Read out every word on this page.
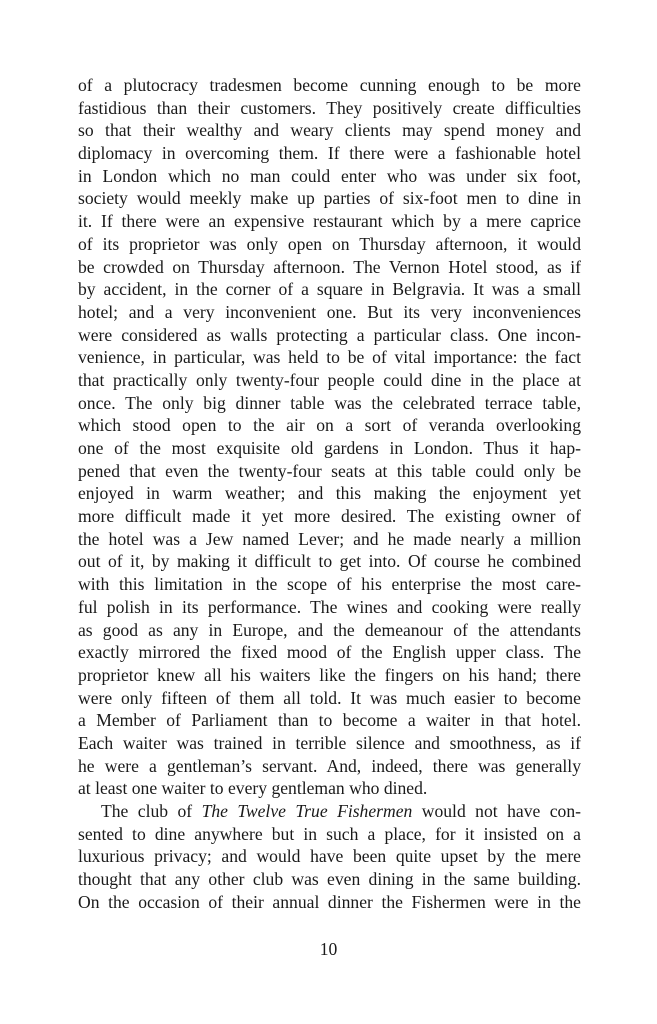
of a plutocracy tradesmen become cunning enough to be more
fastidious than their customers. They positively create difficulties
so that their wealthy and weary clients may spend money and
diplomacy in overcoming them. If there were a fashionable hotel
in London which no man could enter who was under six foot,
society would meekly make up parties of six-foot men to dine in
it. If there were an expensive restaurant which by a mere caprice
of its proprietor was only open on Thursday afternoon, it would
be crowded on Thursday afternoon. The Vernon Hotel stood, as if
by accident, in the corner of a square in Belgravia. It was a small
hotel; and a very inconvenient one. But its very inconveniences
were considered as walls protecting a particular class. One incon-
venience, in particular, was held to be of vital importance: the fact
that practically only twenty-four people could dine in the place at
once. The only big dinner table was the celebrated terrace table,
which stood open to the air on a sort of veranda overlooking
one of the most exquisite old gardens in London. Thus it hap-
pened that even the twenty-four seats at this table could only be
enjoyed in warm weather; and this making the enjoyment yet
more difficult made it yet more desired. The existing owner of
the hotel was a Jew named Lever; and he made nearly a million
out of it, by making it difficult to get into. Of course he combined
with this limitation in the scope of his enterprise the most care-
ful polish in its performance. The wines and cooking were really
as good as any in Europe, and the demeanour of the attendants
exactly mirrored the fixed mood of the English upper class. The
proprietor knew all his waiters like the fingers on his hand; there
were only fifteen of them all told. It was much easier to become
a Member of Parliament than to become a waiter in that hotel.
Each waiter was trained in terrible silence and smoothness, as if
he were a gentleman’s servant. And, indeed, there was generally
at least one waiter to every gentleman who dined.
The club of The Twelve True Fishermen would not have con-
sented to dine anywhere but in such a place, for it insisted on a
luxurious privacy; and would have been quite upset by the mere
thought that any other club was even dining in the same building.
On the occasion of their annual dinner the Fishermen were in the
10
